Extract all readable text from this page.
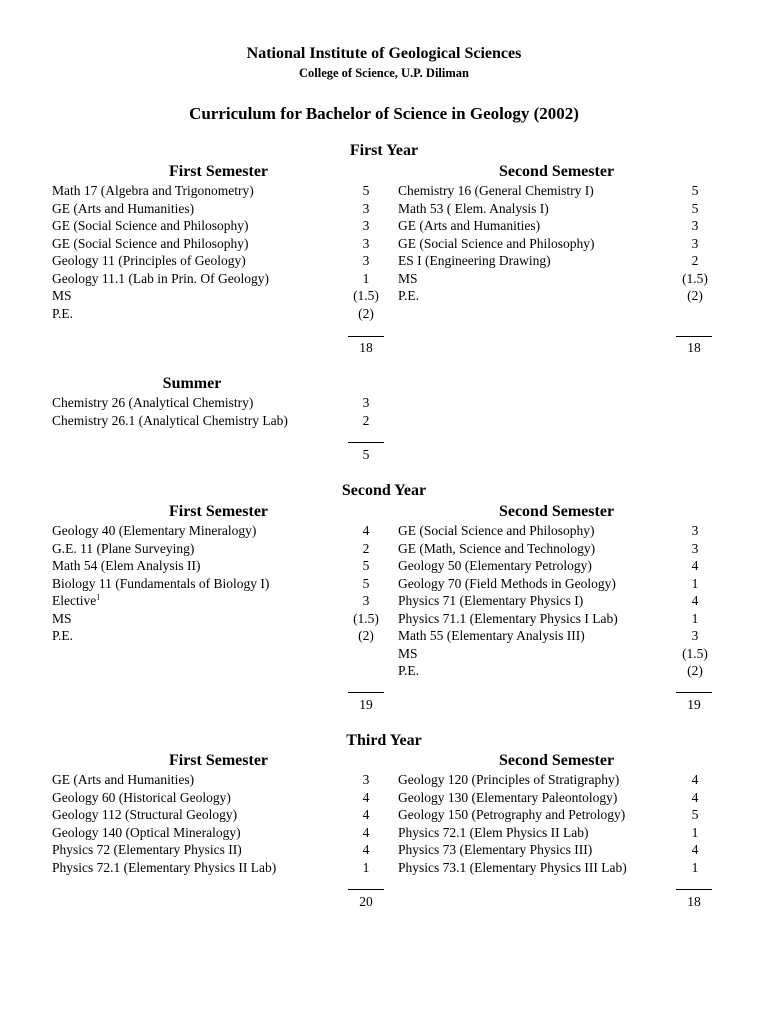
National Institute of Geological Sciences
College of Science, U.P. Diliman
Curriculum for Bachelor of Science in Geology (2002)
First Year
First Semester
Math 17 (Algebra and Trigonometry)	5
GE (Arts and Humanities)	3
GE (Social Science and Philosophy)	3
GE (Social Science and Philosophy)	3
Geology 11 (Principles of Geology)	3
Geology 11.1 (Lab in Prin. Of Geology)	1
MS	(1.5)
P.E.	(2)
18
Second Semester
Chemistry 16 (General Chemistry I)	5
Math 53 ( Elem. Analysis I)	5
GE (Arts and Humanities)	3
GE (Social Science and Philosophy)	3
ES I (Engineering Drawing)	2
MS	(1.5)
P.E.	(2)
18
Summer
Chemistry 26 (Analytical Chemistry)	3
Chemistry 26.1 (Analytical Chemistry Lab)	2
5
Second Year
First Semester
Geology 40 (Elementary Mineralogy)	4
G.E. 11 (Plane Surveying)	2
Math 54 (Elem Analysis II)	5
Biology 11 (Fundamentals of Biology I)	5
Elective$^1$	3
MS	(1.5)
P.E.	(2)
19
Second Semester
GE (Social Science and Philosophy)	3
GE (Math, Science and Technology)	3
Geology 50 (Elementary Petrology)	4
Geology 70 (Field Methods in Geology)	1
Physics 71 (Elementary Physics I)	4
Physics 71.1 (Elementary Physics I Lab)	1
Math 55 (Elementary Analysis III)	3
MS	(1.5)
P.E.	(2)
19
Third Year
First Semester
GE (Arts and Humanities)	3
Geology 60 (Historical Geology)	4
Geology 112 (Structural Geology)	4
Geology 140 (Optical Mineralogy)	4
Physics 72 (Elementary Physics II)	4
Physics 72.1 (Elementary Physics II Lab)	1
20
Second Semester
Geology 120 (Principles of Stratigraphy)	4
Geology 130 (Elementary Paleontology)	4
Geology 150 (Petrography and Petrology)	5
Physics 72.1 (Elem Physics II Lab)	1
Physics 73 (Elementary Physics III)	4
Physics 73.1 (Elementary Physics III Lab)	1
18
